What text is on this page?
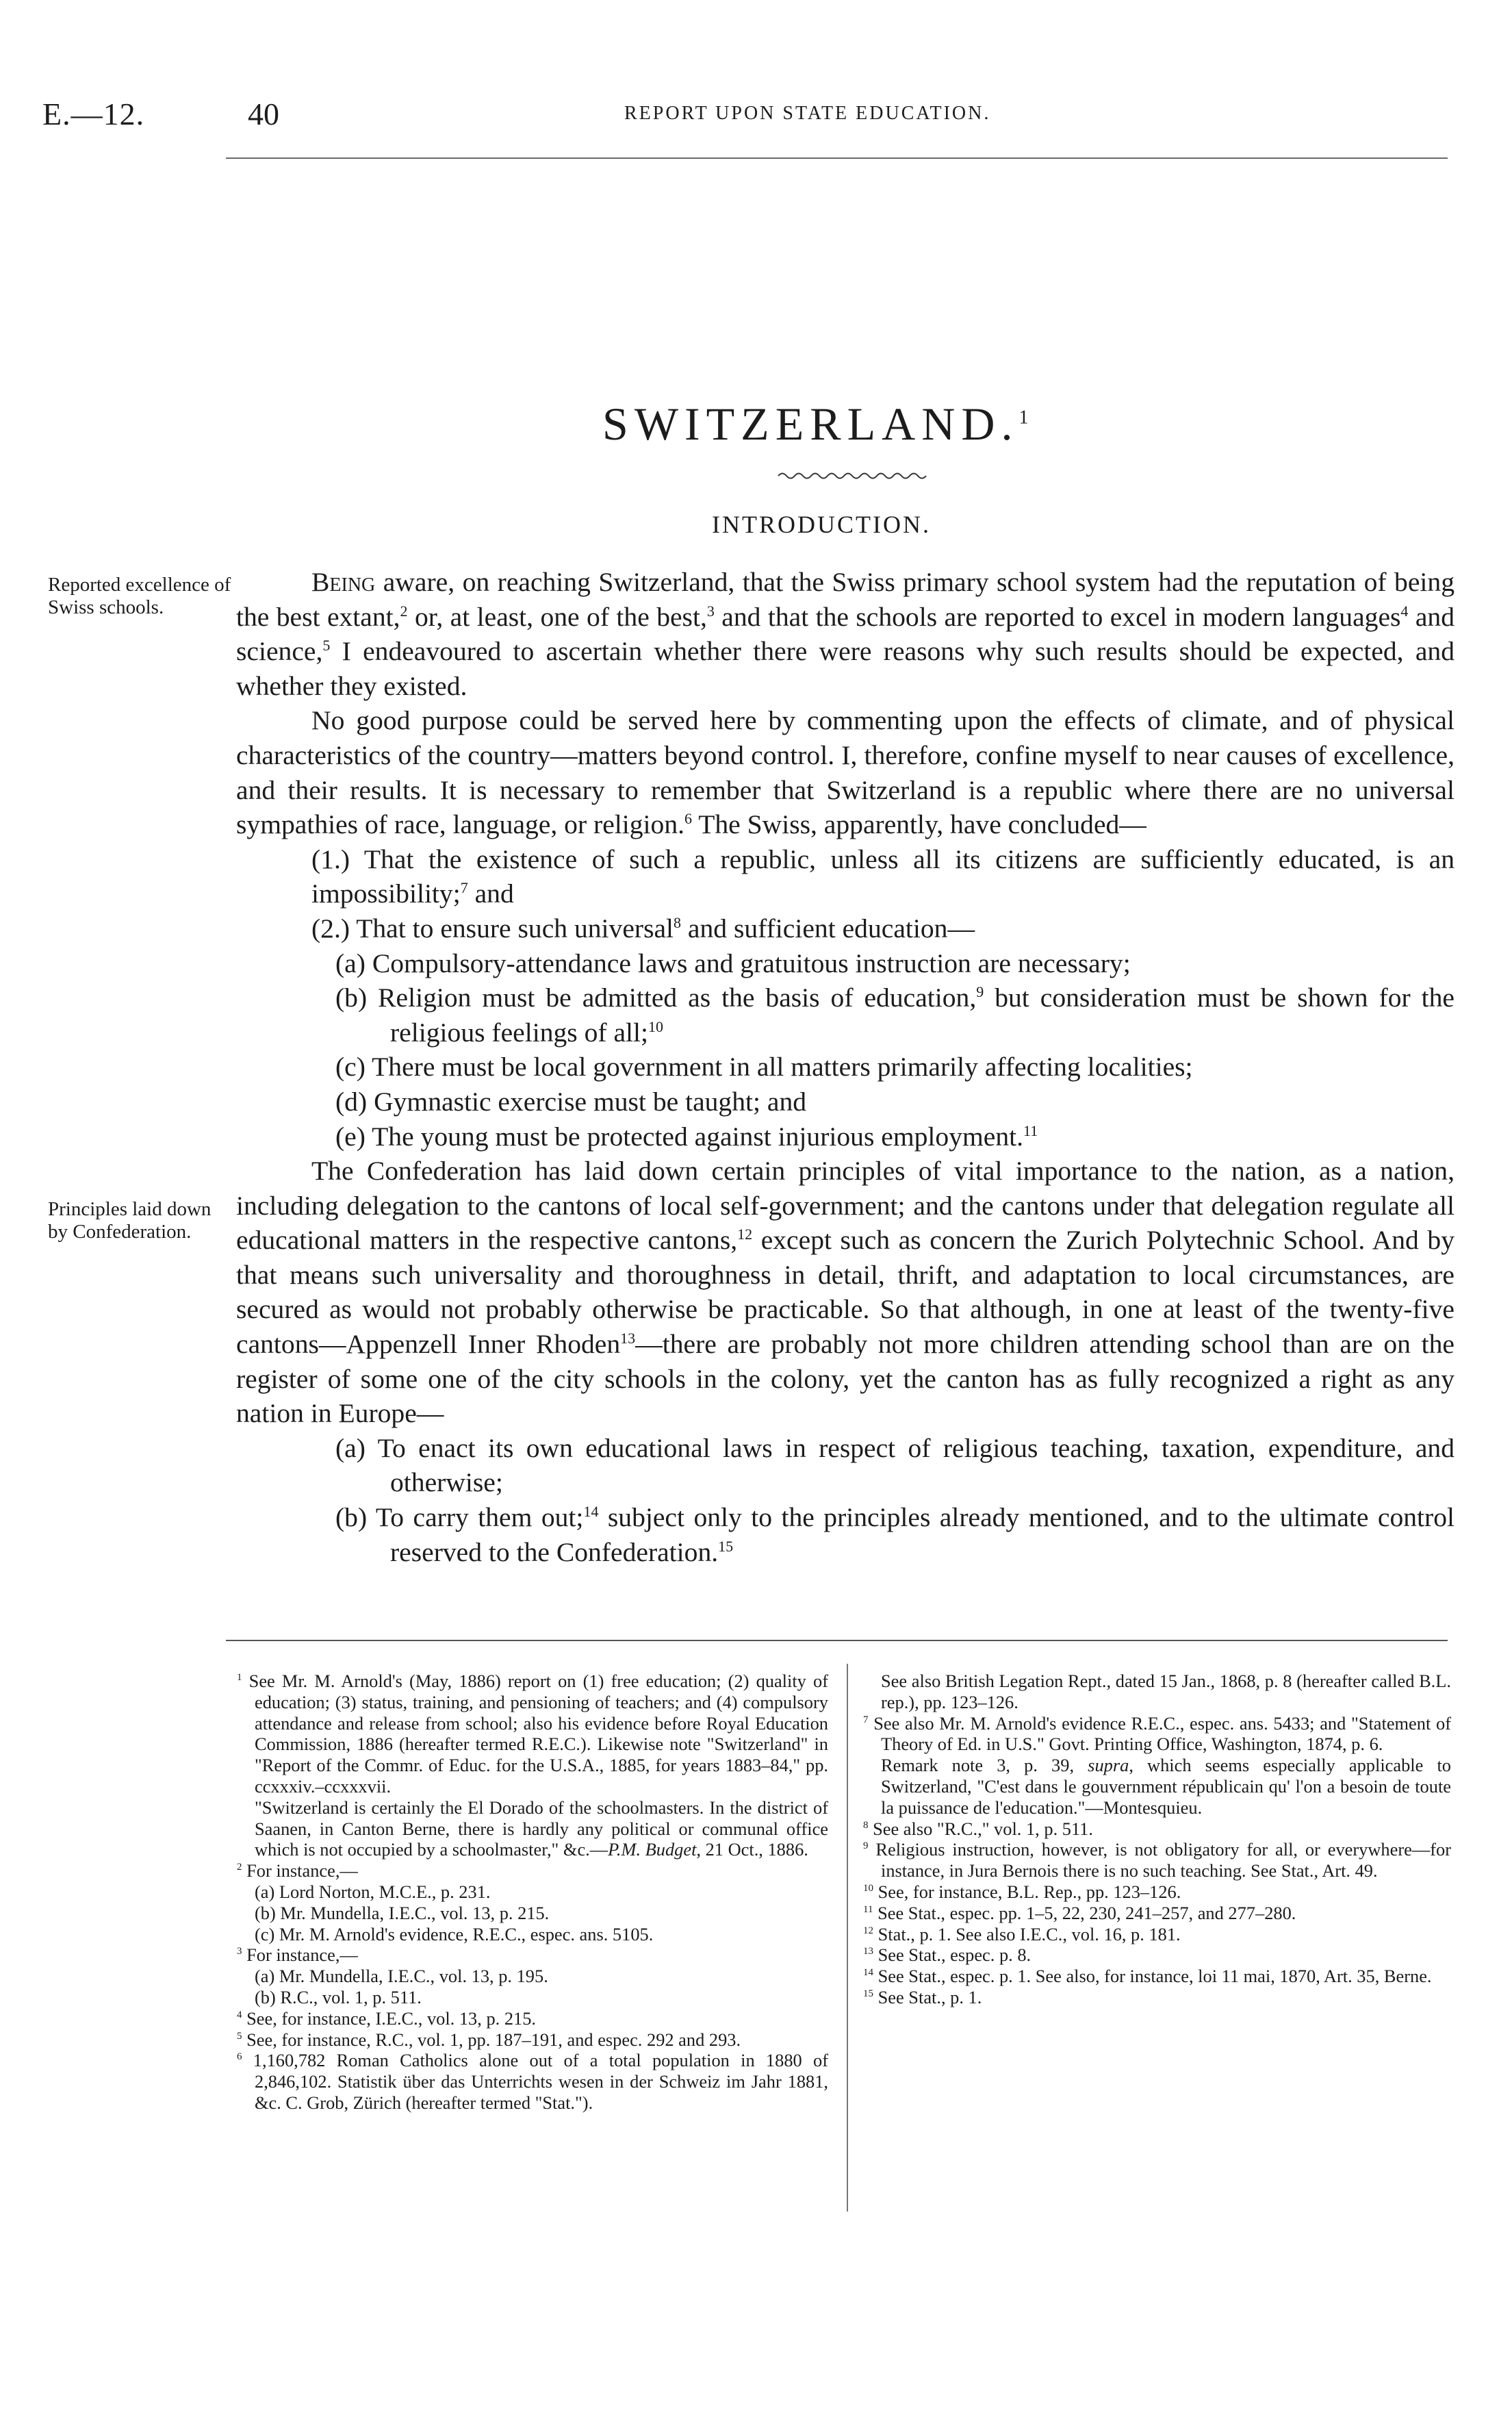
E.—12.	40	REPORT UPON STATE EDUCATION.
SWITZERLAND.$^1$
INTRODUCTION.
Reported excellence of Swiss schools.
Principles laid down by Confederation.

Being aware, on reaching Switzerland, that the Swiss primary school system had the reputation of being the best extant,$^2$ or, at least, one of the best,$^3$ and that the schools are reported to excel in modern languages$^4$ and science,$^5$ I endeavoured to ascertain whether there were reasons why such results should be expected, and whether they existed.

No good purpose could be served here by commenting upon the effects of climate, and of physical characteristics of the country—matters beyond control. I, therefore, confine myself to near causes of excellence, and their results. It is necessary to remember that Switzerland is a republic where there are no universal sympathies of race, language, or religion.$^6$ The Swiss, apparently, have concluded—

(1.) That the existence of such a republic, unless all its citizens are sufficiently educated, is an impossibility;$^7$ and

(2.) That to ensure such universal$^8$ and sufficient education—

(a) Compulsory-attendance laws and gratuitous instruction are necessary;

(b) Religion must be admitted as the basis of education,$^9$ but consideration must be shown for the religious feelings of all;$^{10}$

(c) There must be local government in all matters primarily affecting localities;

(d) Gymnastic exercise must be taught; and

(e) The young must be protected against injurious employment.$^{11}$

The Confederation has laid down certain principles of vital importance to the nation, as a nation, including delegation to the cantons of local self-government; and the cantons under that delegation regulate all educational matters in the respective cantons,$^{12}$ except such as concern the Zurich Polytechnic School. And by that means such universality and thoroughness in detail, thrift, and adaptation to local circumstances, are secured as would not probably otherwise be practicable. So that although, in one at least of the twenty-five cantons—Appenzell Inner Rhoden$^{13}$—there are probably not more children attending school than are on the register of some one of the city schools in the colony, yet the canton has as fully recognized a right as any nation in Europe—

(a) To enact its own educational laws in respect of religious teaching, taxation, expenditure, and otherwise;

(b) To carry them out;$^{14}$ subject only to the principles already mentioned, and to the ultimate control reserved to the Confederation.$^{15}$

$^1$ See Mr. M. Arnold's (May, 1886) report on (1) free education; (2) quality of education; (3) status, training, and pensioning of teachers; and (4) compulsory attendance and release from school; also his evidence before Royal Education Commission, 1886 (hereafter termed R.E.C.). Likewise note "Switzerland" in "Report of the Commr. of Educ. for the U.S.A., 1885, for years 1883–84," pp. ccxxxiv.–ccxxxvii.

"Switzerland is certainly the El Dorado of the schoolmasters. In the district of Saanen, in Canton Berne, there is hardly any political or communal office which is not occupied by a schoolmaster," &c.—P.M. Budget, 21 Oct., 1886.

$^2$ For instance,—

(a) Lord Norton, M.C.E., p. 231.

(b) Mr. Mundella, I.E.C., vol. 13, p. 215.

(c) Mr. M. Arnold's evidence, R.E.C., espec. ans. 5105.

$^3$ For instance,—

(a) Mr. Mundella, I.E.C., vol. 13, p. 195.

(b) R.C., vol. 1, p. 511.

$^4$ See, for instance, I.E.C., vol. 13, p. 215.

$^5$ See, for instance, R.C., vol. 1, pp. 187–191, and espec. 292 and 293.

$^6$ 1,160,782 Roman Catholics alone out of a total population in 1880 of 2,846,102. Statistik über das Unterrichts wesen in der Schweiz im Jahr 1881, &c. C. Grob, Zürich (hereafter termed "Stat.").

See also British Legation Rept., dated 15 Jan., 1868, p. 8 (hereafter called B.L. rep.), pp. 123–126.

$^7$ See also Mr. M. Arnold's evidence R.E.C., espec. ans. 5433; and "Statement of Theory of Ed. in U.S." Govt. Printing Office, Washington, 1874, p. 6.

Remark note 3, p. 39, supra, which seems especially applicable to Switzerland, "C'est dans le gouvernment républicain qu' l'on a besoin de toute la puissance de l'education."—Montesquieu.

$^8$ See also "R.C.," vol. 1, p. 511.

$^9$ Religious instruction, however, is not obligatory for all, or everywhere—for instance, in Jura Bernois there is no such teaching. See Stat., Art. 49.

$^{10}$ See, for instance, B.L. Rep., pp. 123–126.

$^{11}$ See Stat., espec. pp. 1–5, 22, 230, 241–257, and 277–280.

$^{12}$ Stat., p. 1. See also I.E.C., vol. 16, p. 181.

$^{13}$ See Stat., espec. p. 8.

$^{14}$ See Stat., espec. p. 1. See also, for instance, loi 11 mai, 1870, Art. 35, Berne.

$^{15}$ See Stat., p. 1.
